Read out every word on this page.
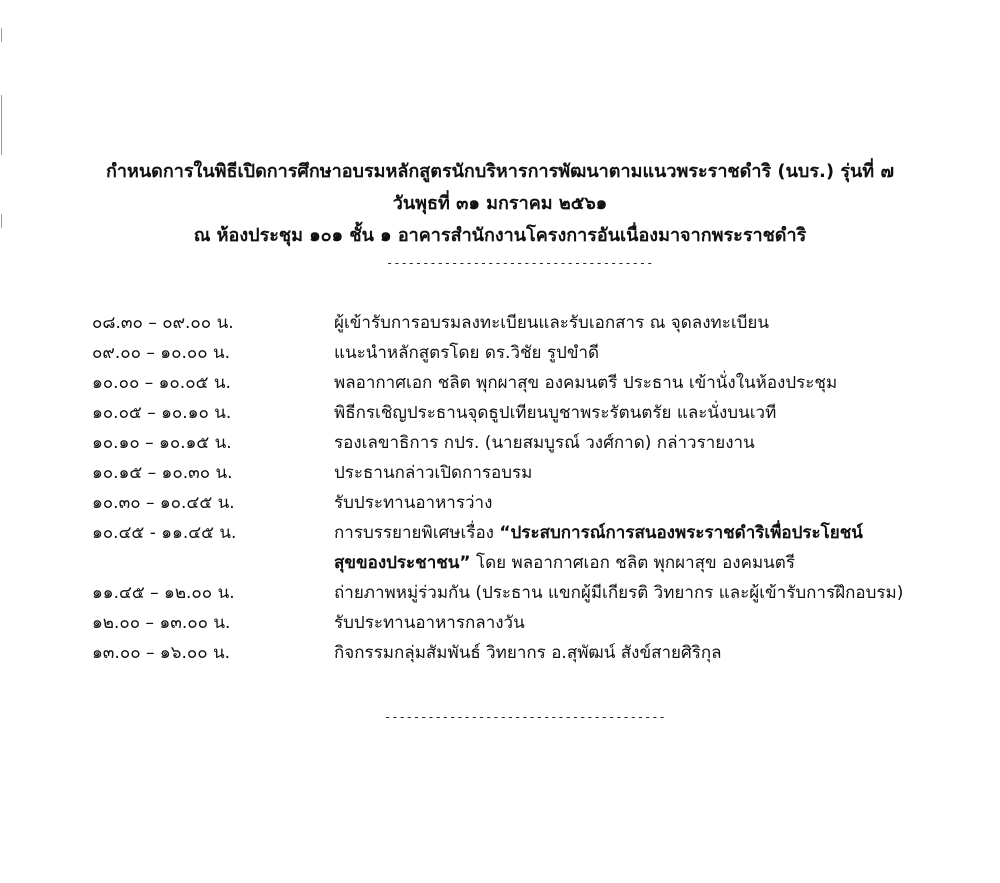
กำหนดการในพิธีเปิดการศึกษาอบรมหลักสูตรนักบริหารการพัฒนาตามแนวพระราชดำริ (นบร.) รุ่นที่ ๗
วันพุธที่ ๓๑ มกราคม ๒๕๖๑
ณ ห้องประชุม ๑๐๑ ชั้น ๑ อาคารสำนักงานโครงการอันเนื่องมาจากพระราชดำริ
-------------------------------------
๐๘.๓๐ – ๐๙.๐๐ น.	ผู้เข้ารับการอบรมลงทะเบียนและรับเอกสาร ณ จุดลงทะเบียน
๐๙.๐๐ – ๑๐.๐๐ น.	แนะนำหลักสูตรโดย ดร.วิชัย รูปขำดี
๑๐.๐๐ – ๑๐.๐๕ น.	พลอากาศเอก ชลิต พุกผาสุข องคมนตรี ประธาน เข้านั่งในห้องประชุม
๑๐.๐๕ – ๑๐.๑๐ น.	พิธีกรเชิญประธานจุดธูปเทียนบูชาพระรัตนตรัย และนั่งบนเวที
๑๐.๑๐ – ๑๐.๑๕ น.	รองเลขาธิการ กปร. (นายสมบูรณ์ วงศ์กาด) กล่าวรายงาน
๑๐.๑๕ – ๑๐.๓๐ น.	ประธานกล่าวเปิดการอบรม
๑๐.๓๐ – ๑๐.๔๕ น.	รับประทานอาหารว่าง
๑๐.๔๕ - ๑๑.๔๕ น.	การบรรยายพิเศษเรื่อง “ประสบการณ์การสนองพระราชดำริเพื่อประโยชน์
สุขของประชาชน” โดย พลอากาศเอก ชลิต พุกผาสุข องคมนตรี
๑๑.๔๕ – ๑๒.๐๐ น.	ถ่ายภาพหมู่ร่วมกัน (ประธาน แขกผู้มีเกียรติ วิทยากร และผู้เข้ารับการฝึกอบรม)
๑๒.๐๐ – ๑๓.๐๐ น.	รับประทานอาหารกลางวัน
๑๓.๐๐ – ๑๖.๐๐ น.	กิจกรรมกลุ่มสัมพันธ์ วิทยากร อ.สุพัฒน์ สังข์สายศิริกุล
---------------------------------------
